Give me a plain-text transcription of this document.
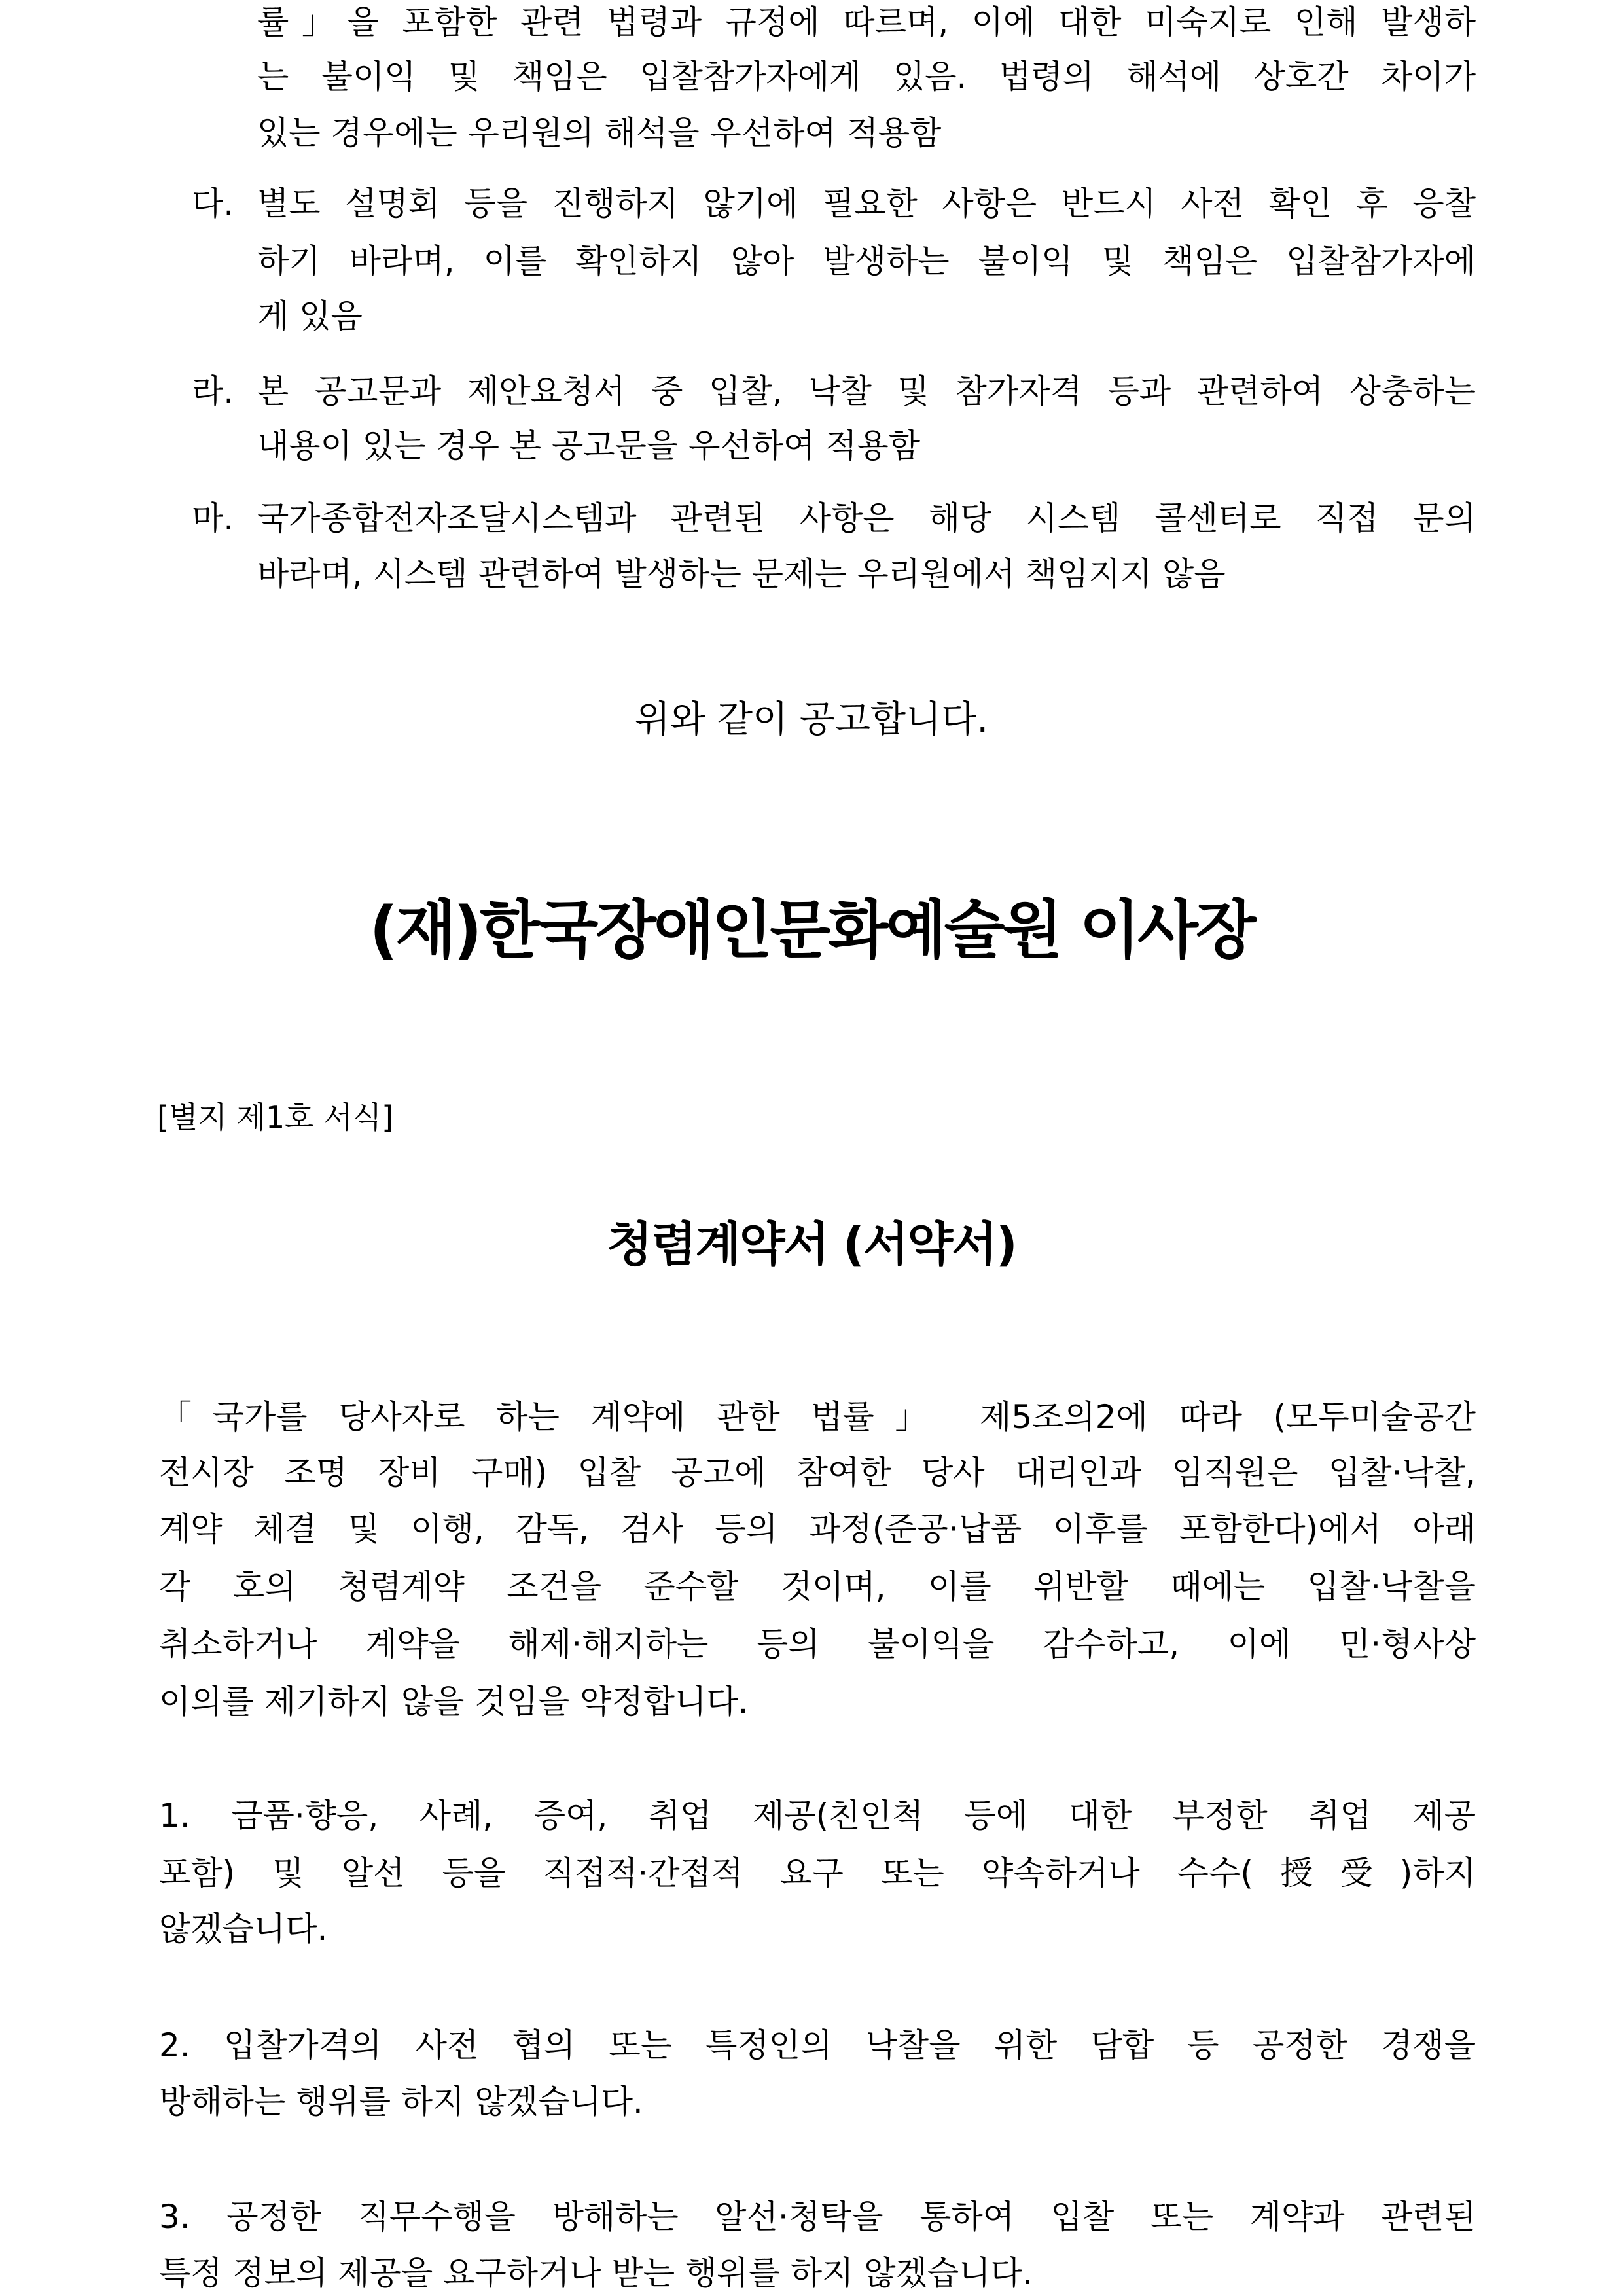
률」을 포함한 관련 법령과 규정에 따르며, 이에 대한 미숙지로 인해 발생하
는 불이익 및 책임은 입찰참가자에게 있음. 법령의 해석에 상호간 차이가
있는 경우에는 우리원의 해석을 우선하여 적용함
다. 별도 설명회 등을 진행하지 않기에 필요한 사항은 반드시 사전 확인 후 응찰
하기 바라며, 이를 확인하지 않아 발생하는 불이익 및 책임은 입찰참가자에
게 있음
라. 본 공고문과 제안요청서 중 입찰, 낙찰 및 참가자격 등과 관련하여 상충하는
내용이 있는 경우 본 공고문을 우선하여 적용함
마. 국가종합전자조달시스템과 관련된 사항은 해당 시스템 콜센터로 직접 문의
바라며, 시스템 관련하여 발생하는 문제는 우리원에서 책임지지 않음
위와 같이 공고합니다.
(재)한국장애인문화예술원 이사장
[별지 제1호 서식]
청렴계약서 (서약서)
「국가를 당사자로 하는 계약에 관한 법률」 제5조의2에 따라 (모두미술공간
전시장 조명 장비 구매) 입찰 공고에 참여한 당사 대리인과 임직원은 입찰·낙찰,
계약 체결 및 이행, 감독, 검사 등의 과정(준공·납품 이후를 포함한다)에서 아래
각 호의 청렴계약 조건을 준수할 것이며, 이를 위반할 때에는 입찰·낙찰을
취소하거나 계약을 해제·해지하는 등의 불이익을 감수하고, 이에 민·형사상
이의를 제기하지 않을 것임을 약정합니다.
1. 금품·향응, 사례, 증여, 취업 제공(친인척 등에 대한 부정한 취업 제공
포함) 및 알선 등을 직접적·간접적 요구 또는 약속하거나 수수(授受)하지
않겠습니다.
2. 입찰가격의 사전 협의 또는 특정인의 낙찰을 위한 담합 등 공정한 경쟁을
방해하는 행위를 하지 않겠습니다.
3. 공정한 직무수행을 방해하는 알선·청탁을 통하여 입찰 또는 계약과 관련된
특정 정보의 제공을 요구하거나 받는 행위를 하지 않겠습니다.
